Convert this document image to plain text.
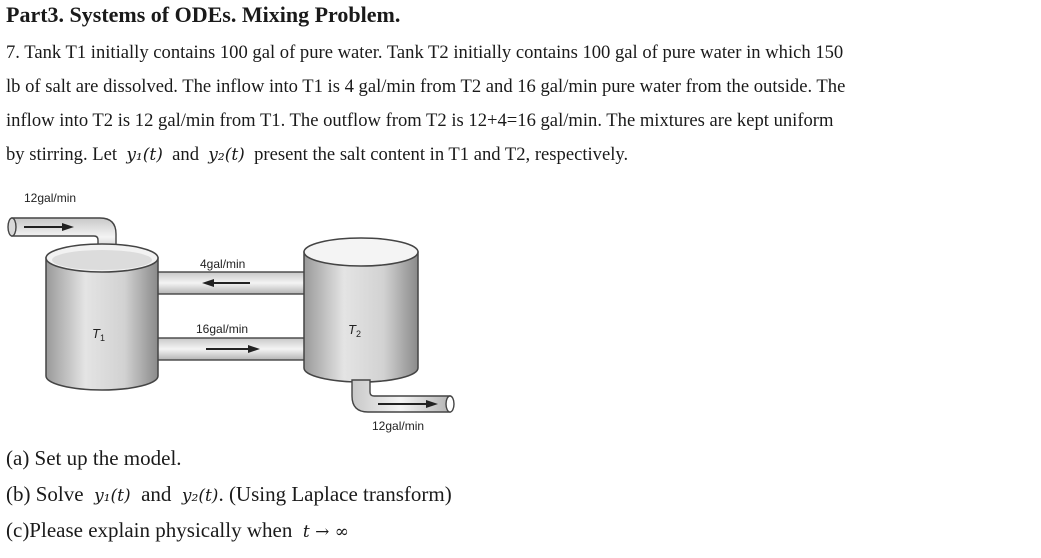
Part3. Systems of ODEs. Mixing Problem.
7. Tank T1 initially contains 100 gal of pure water. Tank T2 initially contains 100 gal of pure water in which 150
lb of salt are dissolved. The inflow into T1 is 4 gal/min from T2 and 16 gal/min pure water from the outside. The
inflow into T2 is 12 gal/min from T1. The outflow from T2 is 12+4=16 gal/min. The mixtures are kept uniform
by stirring. Let y₁(t) and y₂(t) present the salt content in T1 and T2, respectively.
12gal/min
$T_1$
$T_2$
4gal/min
16gal/min
12gal/min
(a) Set up the model.
(b) Solve y₁(t) and y₂(t). (Using Laplace transform)
(c)Please explain physically when t → ∞
